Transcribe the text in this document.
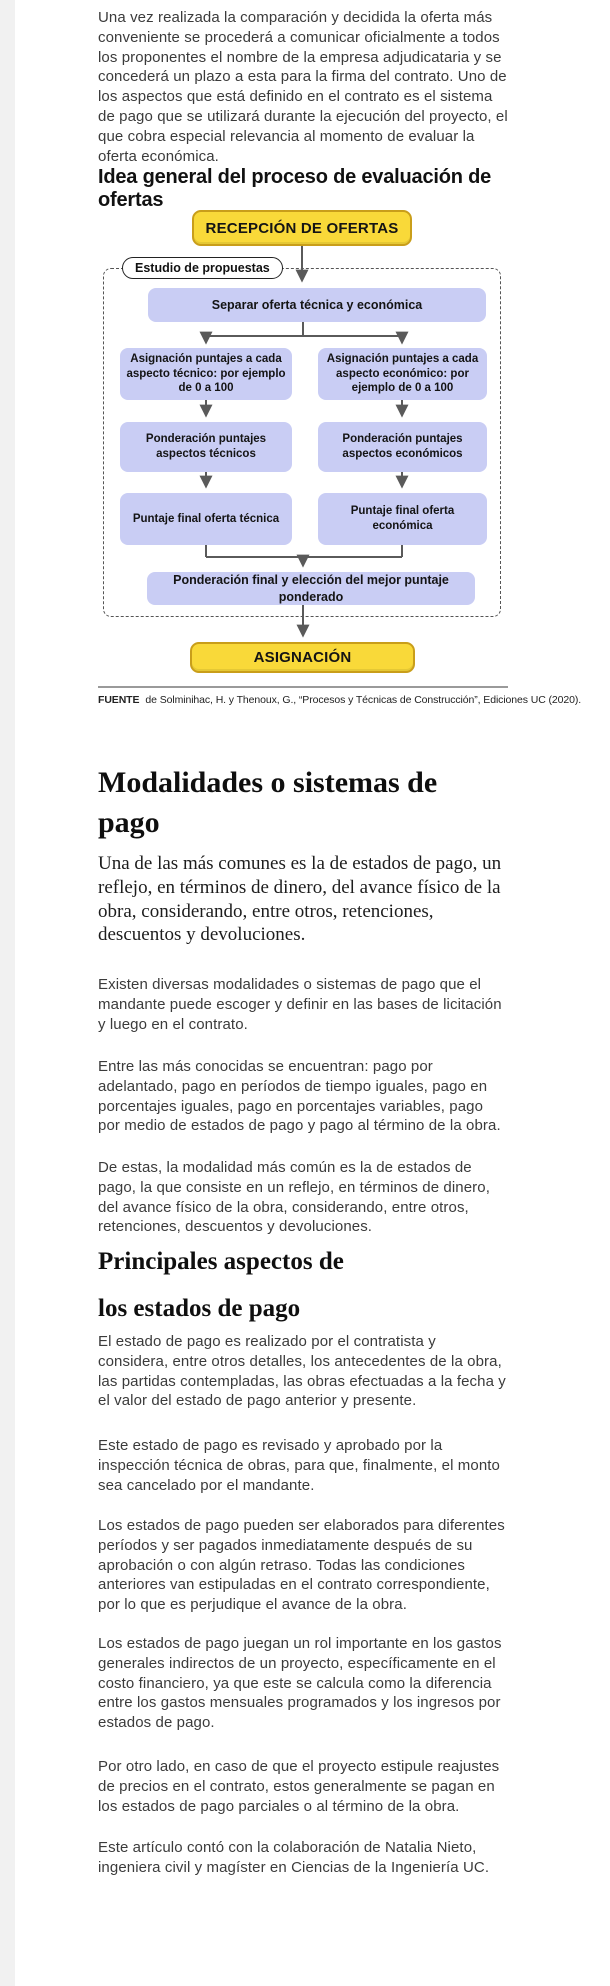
Una vez realizada la comparación y decidida la oferta más conveniente se procederá a comunicar oficialmente a todos los proponentes el nombre de la empresa adjudicataria y se concederá un plazo a esta para la firma del contrato. Uno de los aspectos que está definido en el contrato es el sistema de pago que se utilizará durante la ejecución del proyecto, el que cobra especial relevancia al momento de evaluar la oferta económica.

Idea general del proceso de evaluación de ofertas
Estudio de propuestas
RECEPCIÓN DE OFERTAS
Separar oferta técnica y económica
Asignación puntajes a cada aspecto técnico: por ejemplo de 0 a 100
Asignación puntajes a cada aspecto económico: por ejemplo de 0 a 100
Ponderación puntajes aspectos técnicos
Ponderación puntajes aspectos económicos
Puntaje final oferta técnica
Puntaje final oferta económica
Ponderación final y elección del mejor puntaje ponderado
ASIGNACIÓN
FUENTE de Solminihac, H. y Thenoux, G., “Procesos y Técnicas de Construcción”, Ediciones UC (2020).
Modalidades o sistemas de
pago

Una de las más comunes es la de estados de pago, un reflejo, en términos de dinero, del avance físico de la obra, considerando, entre otros, retenciones, descuentos y devoluciones.

Existen diversas modalidades o sistemas de pago que el mandante puede escoger y definir en las bases de licitación y luego en el contrato.

Entre las más conocidas se encuentran: pago por adelantado, pago en períodos de tiempo iguales, pago en porcentajes iguales, pago en porcentajes variables, pago por medio de estados de pago y pago al término de la obra.

De estas, la modalidad más común es la de estados de pago, la que consiste en un reflejo, en términos de dinero, del avance físico de la obra, considerando, entre otros, retenciones, descuentos y devoluciones.

Principales aspectos de
los estados de pago

El estado de pago es realizado por el contratista y considera, entre otros detalles, los antecedentes de la obra, las partidas contempladas, las obras efectuadas a la fecha y el valor del estado de pago anterior y presente.

Este estado de pago es revisado y aprobado por la inspección técnica de obras, para que, finalmente, el monto sea cancelado por el mandante.

Los estados de pago pueden ser elaborados para diferentes períodos y ser pagados inmediatamente después de su aprobación o con algún retraso. Todas las condiciones anteriores van estipuladas en el contrato correspondiente, por lo que es perjudique el avance de la obra.

Los estados de pago juegan un rol importante en los gastos generales indirectos de un proyecto, específicamente en el costo financiero, ya que este se calcula como la diferencia entre los gastos mensuales programados y los ingresos por estados de pago.

Por otro lado, en caso de que el proyecto estipule reajustes de precios en el contrato, estos generalmente se pagan en los estados de pago parciales o al término de la obra.

Este artículo contó con la colaboración de Natalia Nieto, ingeniera civil y magíster en Ciencias de la Ingeniería UC.
